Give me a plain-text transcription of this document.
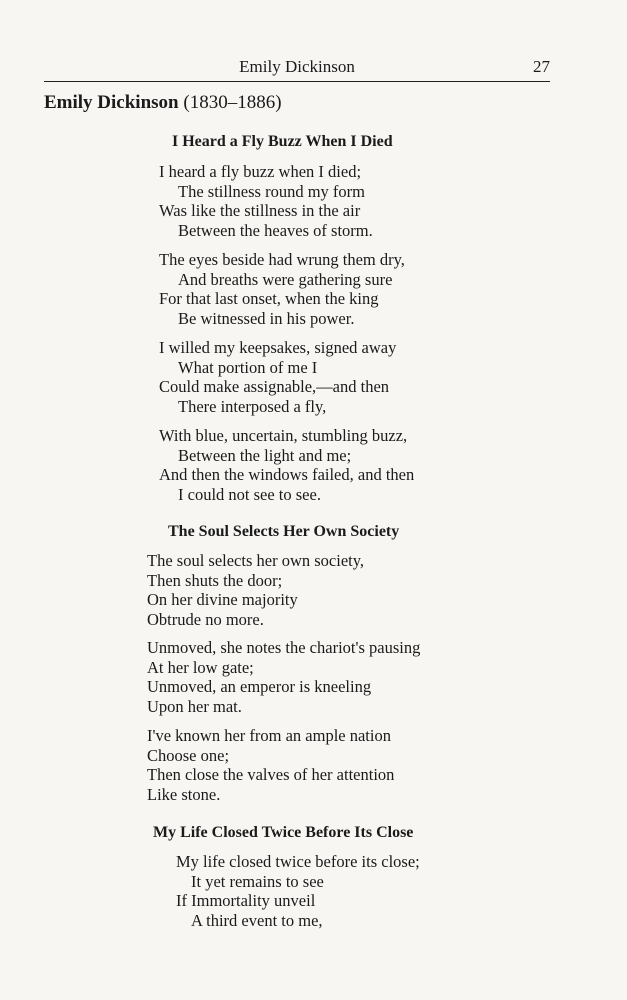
Emily Dickinson	27
Emily Dickinson (1830–1886)
I Heard a Fly Buzz When I Died
I heard a fly buzz when I died;
The stillness round my form
Was like the stillness in the air
Between the heaves of storm.
The eyes beside had wrung them dry,
And breaths were gathering sure
For that last onset, when the king
Be witnessed in his power.
I willed my keepsakes, signed away
What portion of me I
Could make assignable,—and then
There interposed a fly,
With blue, uncertain, stumbling buzz,
Between the light and me;
And then the windows failed, and then
I could not see to see.
The Soul Selects Her Own Society
The soul selects her own society,
Then shuts the door;
On her divine majority
Obtrude no more.
Unmoved, she notes the chariot's pausing
At her low gate;
Unmoved, an emperor is kneeling
Upon her mat.
I've known her from an ample nation
Choose one;
Then close the valves of her attention
Like stone.
My Life Closed Twice Before Its Close
My life closed twice before its close;
It yet remains to see
If Immortality unveil
A third event to me,
